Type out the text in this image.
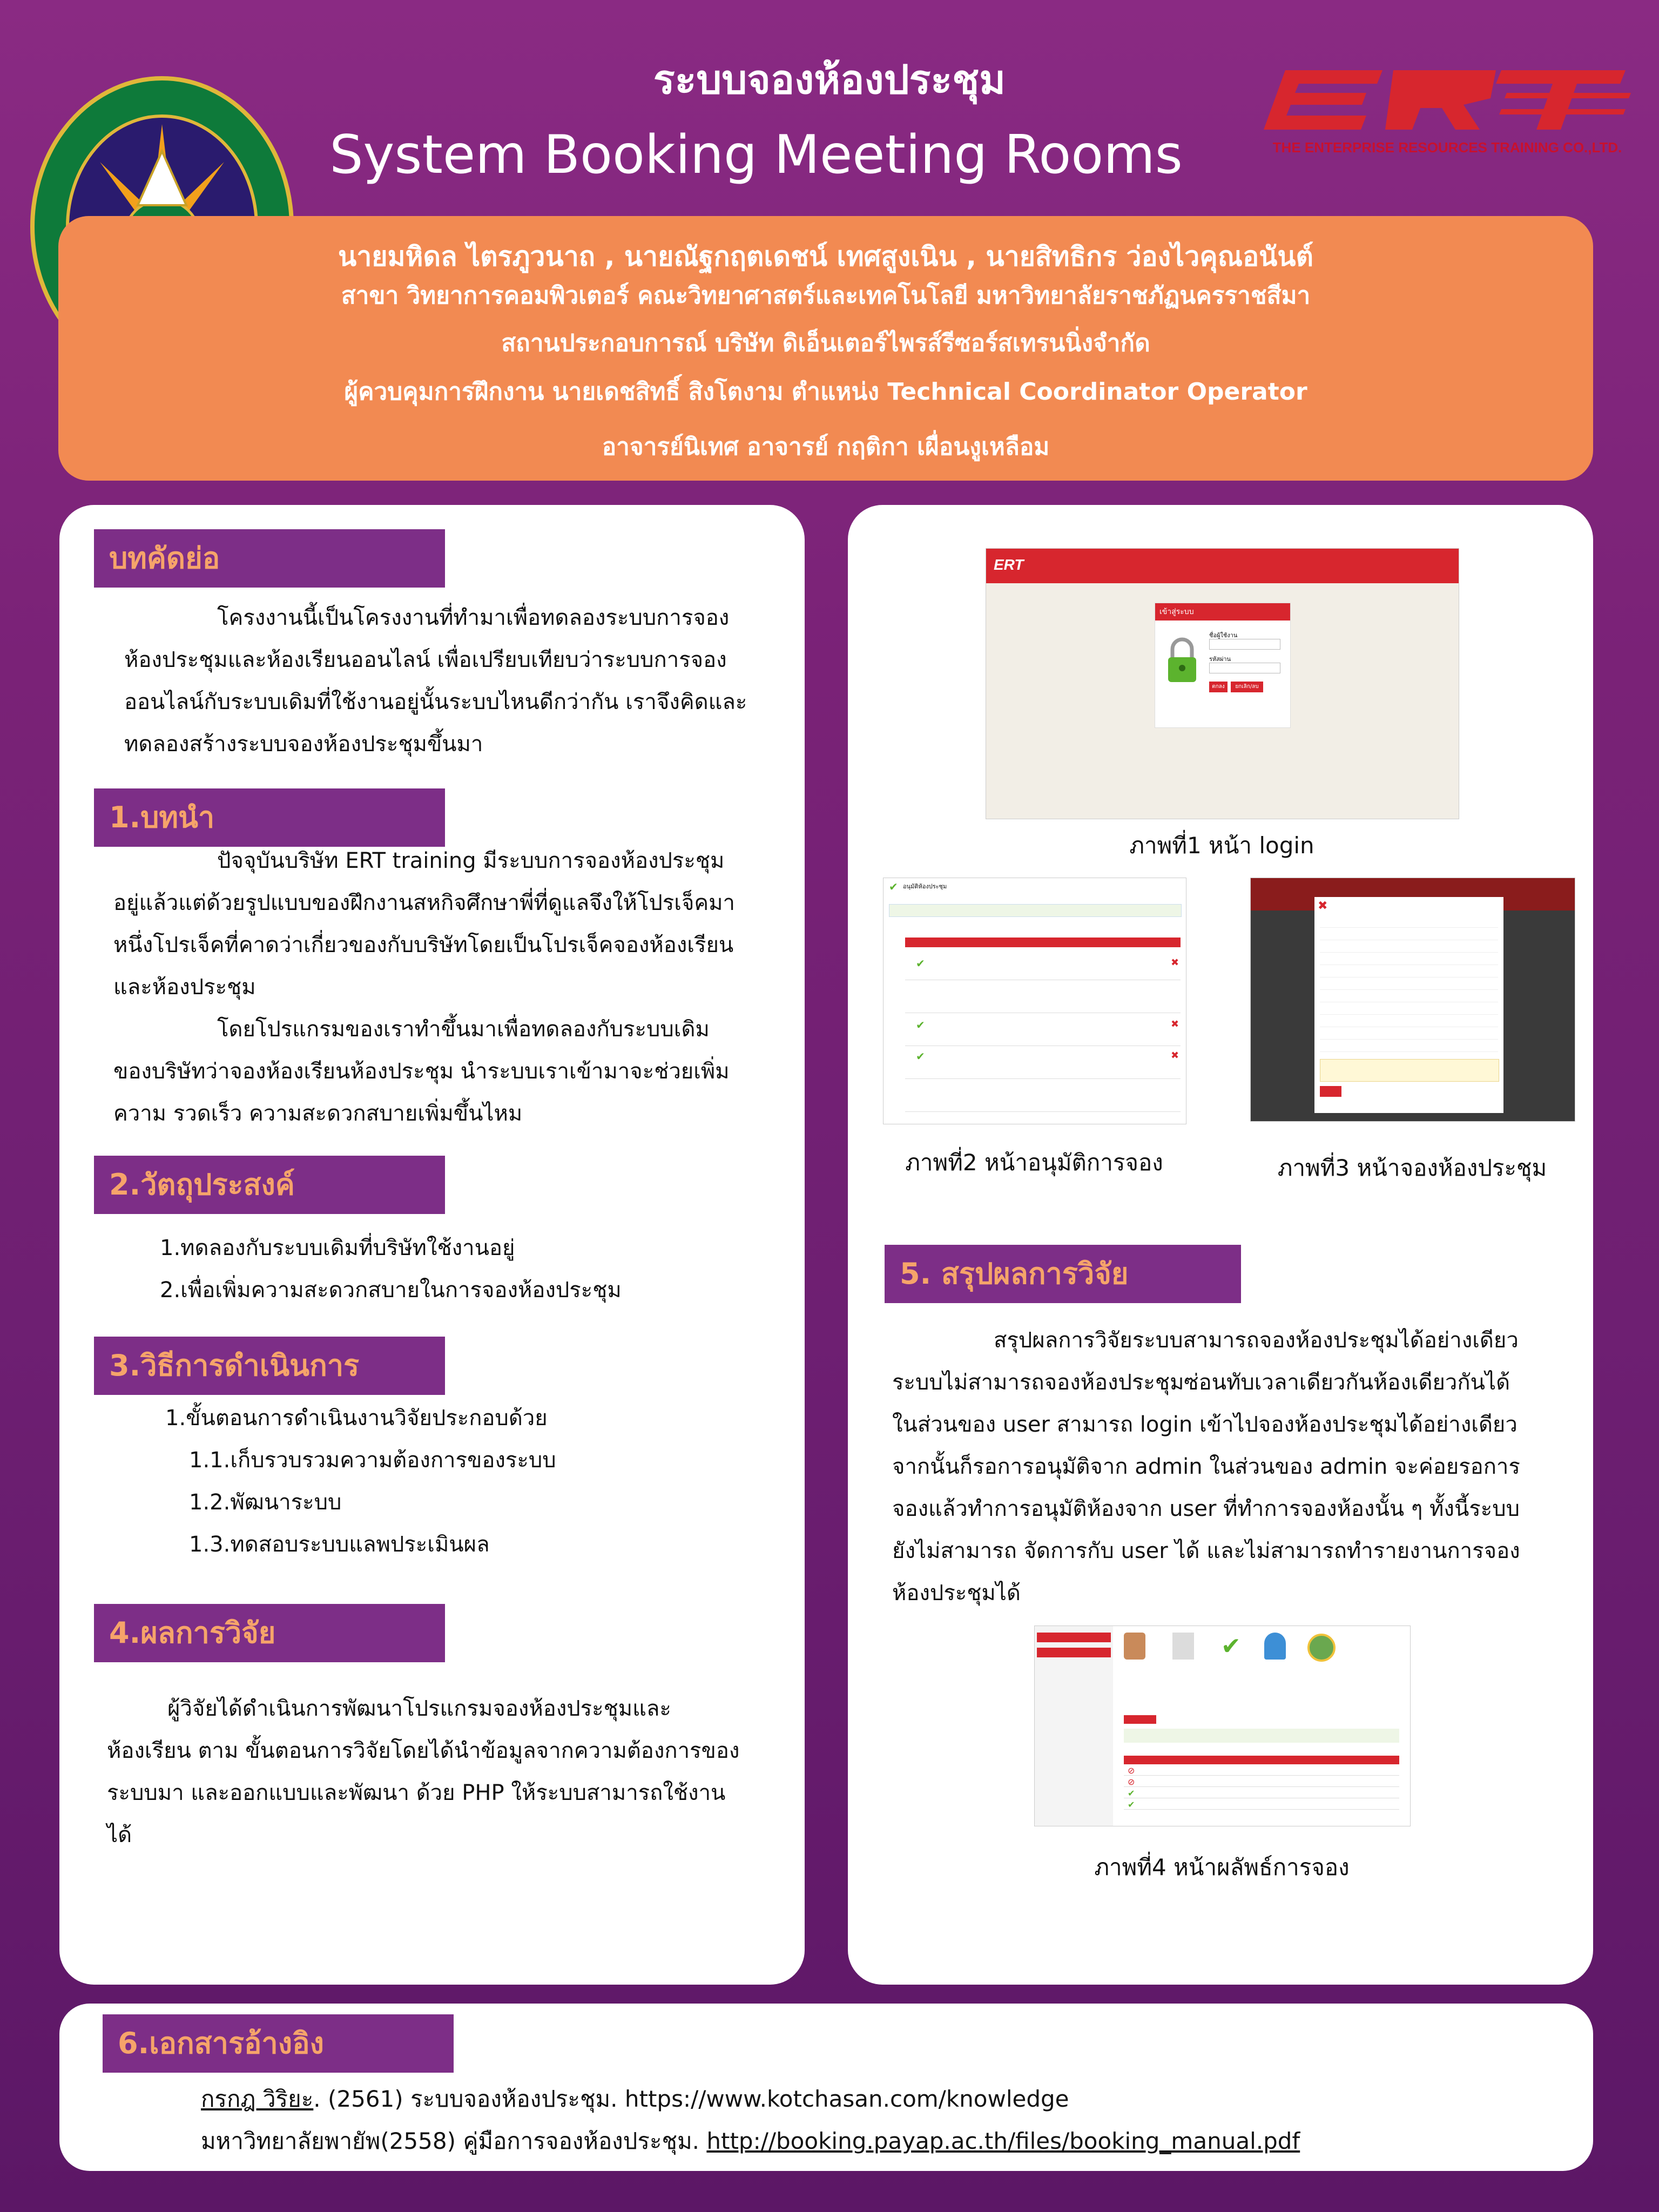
ระบบจองห้องประชุม
System Booking Meeting Rooms	THE ENTERPRISE RESOURCES TRAINING CO.,LTD.
นายมหิดล ไตรภูวนาถ , นายณัฐกฤตเดชน์ เทศสูงเนิน , นายสิทธิกร ว่องไวคุณอนันต์
สาขา วิทยาการคอมพิวเตอร์ คณะวิทยาศาสตร์และเทคโนโลยี มหาวิทยาลัยราชภัฏนครราชสีมา
สถานประกอบการณ์ บริษัท ดิเอ็นเตอร์ไพรส์รีซอร์สเทรนนิ่งจำกัด
ผู้ควบคุมการฝึกงาน นายเดชสิทธิ์ สิงโตงาม ตำแหน่ง Technical Coordinator Operator
อาจารย์นิเทศ อาจารย์ กฤติกา เผื่อนงูเหลือม
บทคัดย่อ
โครงงานนี้เป็นโครงงานที่ทำมาเพื่อทดลองระบบการจอง
ห้องประชุมและห้องเรียนออนไลน์ เพื่อเปรียบเทียบว่าระบบการจอง
ออนไลน์กับระบบเดิมที่ใช้งานอยู่นั้นระบบไหนดีกว่ากัน เราจึงคิดและ
ทดลองสร้างระบบจองห้องประชุมขึ้นมา
1.บทนำ
ปัจจุบันบริษัท ERT training มีระบบการจองห้องประชุม
อยู่แล้วแต่ด้วยรูปแบบของฝึกงานสหกิจศึกษาพี่ที่ดูแลจึงให้โปรเจ็คมา
หนึ่งโปรเจ็คที่คาดว่าเกี่ยวของกับบริษัทโดยเป็นโปรเจ็คจองห้องเรียน
และห้องประชุม
โดยโปรแกรมของเราทำขึ้นมาเพื่อทดลองกับระบบเดิม
ของบริษัทว่าจองห้องเรียนห้องประชุม นำระบบเราเข้ามาจะช่วยเพิ่ม
ความ รวดเร็ว ความสะดวกสบายเพิ่มขึ้นไหม
2.วัตถุประสงค์
1.ทดลองกับระบบเดิมที่บริษัทใช้งานอยู่
2.เพื่อเพิ่มความสะดวกสบายในการจองห้องประชุม
3.วิธีการดำเนินการ
1.ขั้นตอนการดำเนินงานวิจัยประกอบด้วย
1.1.เก็บรวบรวมความต้องการของระบบ
1.2.พัฒนาระบบ
1.3.ทดสอบระบบแลพประเมินผล
4.ผลการวิจัย
ผู้วิจัยได้ดำเนินการพัฒนาโปรแกรมจองห้องประชุมและ
ห้องเรียน ตาม ขั้นตอนการวิจัยโดยได้นำข้อมูลจากความต้องการของ
ระบบมา และออกแบบและพัฒนา ด้วย PHP ให้ระบบสามารถใช้งาน
ได้
ERT
เข้าสู่ระบบ
ชื่อผู้ใช้งาน
รหัสผ่าน
ตกลง	ยกเลิก/ลบ
ภาพที่1 หน้า login
✔ อนุมัติห้องประชุม
✔
✔
✔
✖
✖
✖
ภาพที่2 หน้าอนุมัติการจอง
✖
ภาพที่3 หน้าจองห้องประชุม
5. สรุปผลการวิจัย
สรุปผลการวิจัยระบบสามารถจองห้องประชุมได้อย่างเดียว
ระบบไม่สามารถจองห้องประชุมซ่อนทับเวลาเดียวกันห้องเดียวกันได้
ในส่วนของ user สามารถ login เข้าไปจองห้องประชุมได้อย่างเดียว
จากนั้นก็รอการอนุมัติจาก admin ในส่วนของ admin จะค่อยรอการ
จองแล้วทำการอนุมัติห้องจาก user ที่ทำการจองห้องนั้น ๆ ทั้งนี้ระบบ
ยังไม่สามารถ จัดการกับ user ได้ และไม่สามารถทำรายงานการจอง
ห้องประชุมได้
✔
⊘
⊘
✔
✔
ภาพที่4 หน้าผลัพธ์การจอง
6.เอกสารอ้างอิง
กรกฎ วิริยะ. (2561) ระบบจองห้องประชุม. https://www.kotchasan.com/knowledge
มหาวิทยาลัยพายัพ(2558) คู่มือการจองห้องประชุม. http://booking.payap.ac.th/files/booking_manual.pdf
